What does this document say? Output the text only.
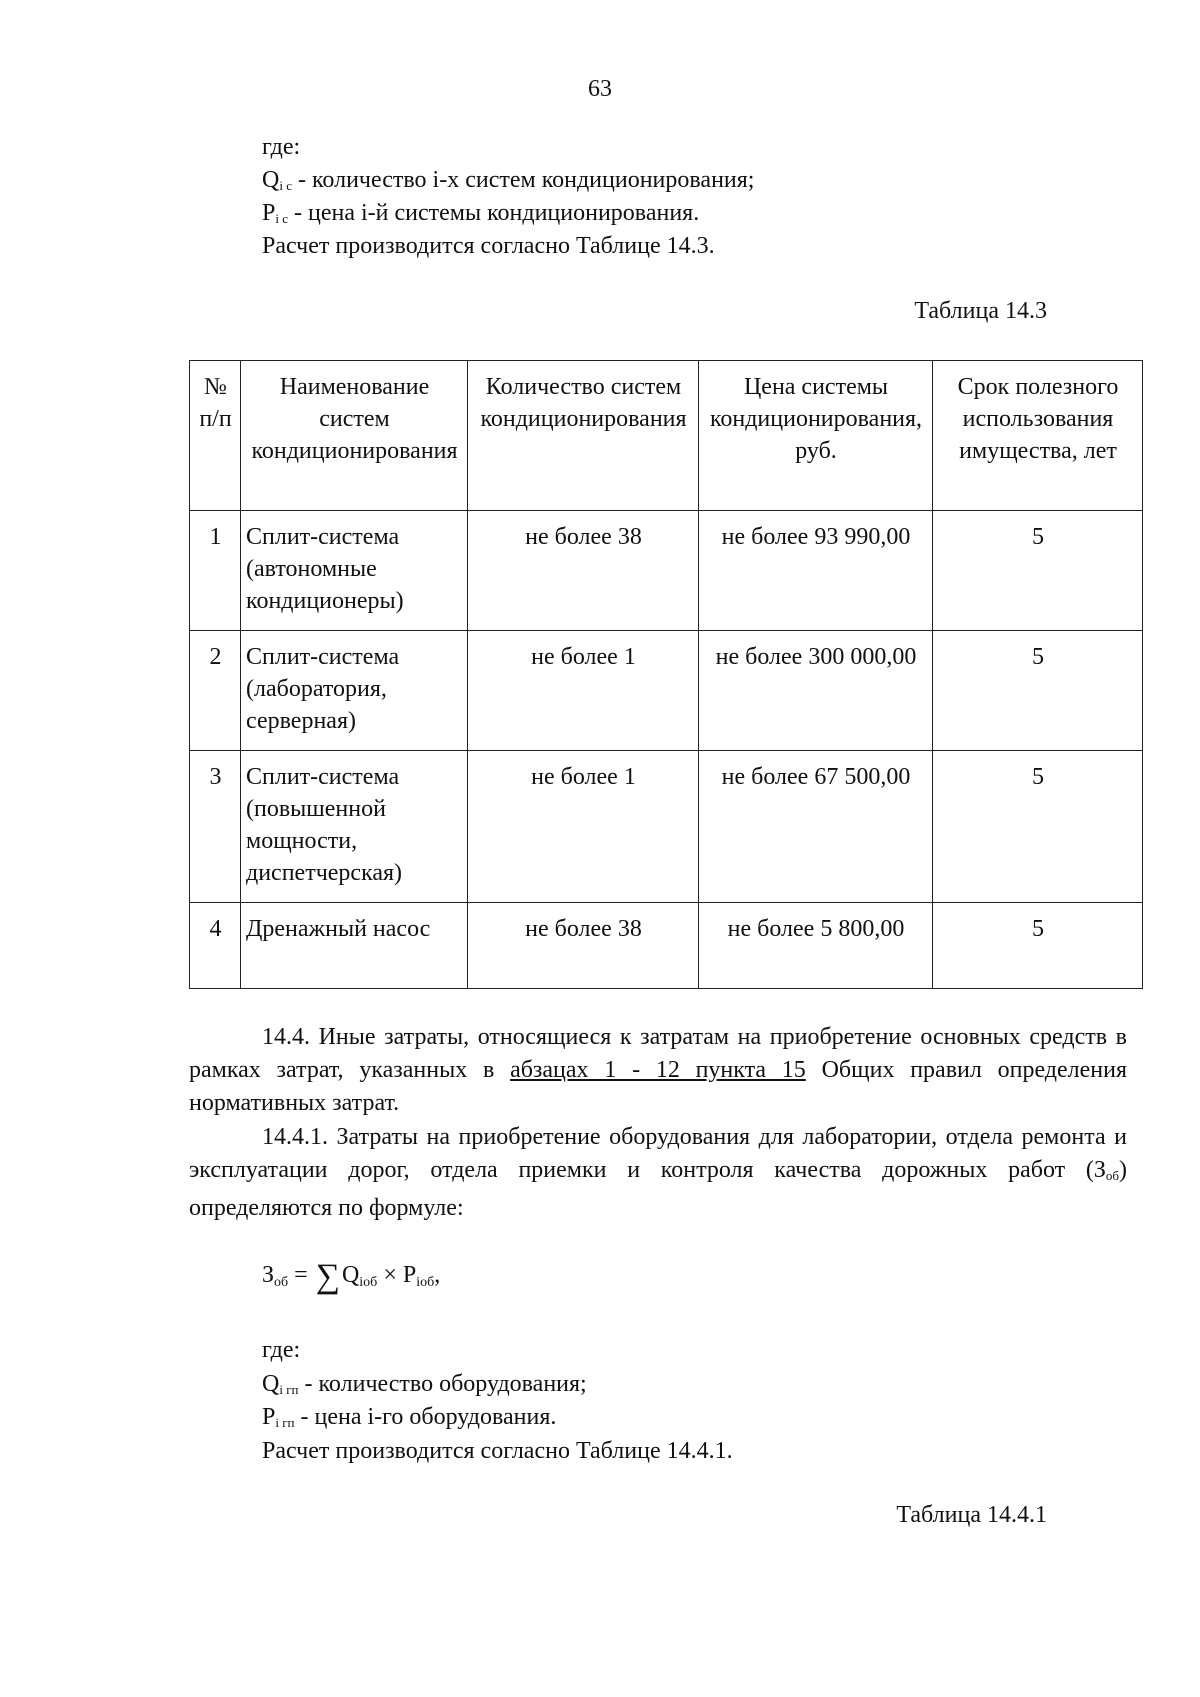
63
где:
$Q_{i с}$ - количество i-х систем кондиционирования;
$P_{i с}$ - цена i-й системы кондиционирования.
Расчет производится согласно Таблице 14.3.
Таблица 14.3
№ п/п	Наименование систем кондиционирования	Количество систем кондиционирования	Цена системы кондиционирования, руб.	Срок полезного использования имущества, лет
1	Сплит-система (автономные кондиционеры)	не более 38	не более 93 990,00	5
2	Сплит-система (лаборатория, серверная)	не более 1	не более 300 000,00	5
3	Сплит-система (повышенной мощности, диспетчерская)	не более 1	не более 67 500,00	5
4	Дренажный насос	не более 38	не более 5 800,00	5
14.4. Иные затраты, относящиеся к затратам на приобретение основных средств в рамках затрат, указанных в абзацах 1 - 12 пункта 15 Общих правил определения нормативных затрат.
14.4.1. Затраты на приобретение оборудования для лаборатории, отдела ремонта и эксплуатации дорог, отдела приемки и контроля качества дорожных работ $(З_{об})$ определяются по формуле:
Зоб = ∑Qiоб × Piоб,
где:
$Q_{i гп}$ - количество оборудования;
$P_{i гп}$ - цена i-го оборудования.
Расчет производится согласно Таблице 14.4.1.
Таблица 14.4.1
